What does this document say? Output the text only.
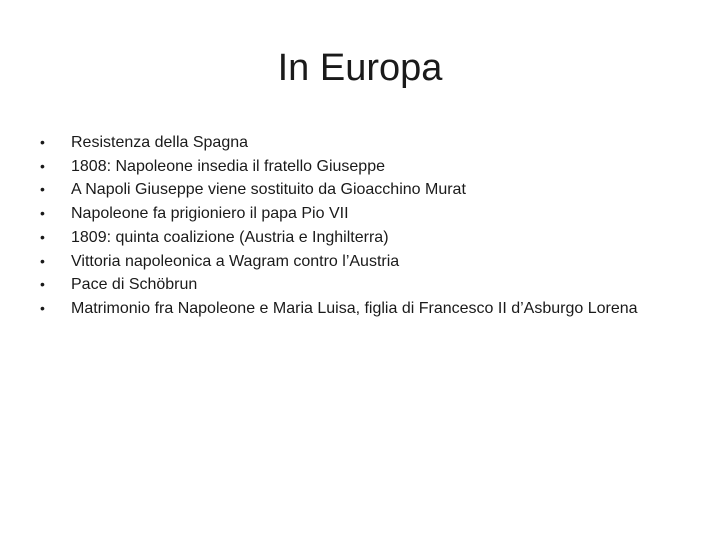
In Europa
•	Resistenza della Spagna
•	1808: Napoleone insedia il fratello Giuseppe
•	A Napoli Giuseppe viene sostituito da Gioacchino Murat
•	Napoleone fa prigioniero il papa Pio VII
•	1809: quinta coalizione (Austria e Inghilterra)
•	Vittoria napoleonica a Wagram contro l’Austria
•	Pace di Schöbrun
•	Matrimonio fra Napoleone e Maria Luisa, figlia di Francesco II d’Asburgo Lorena
